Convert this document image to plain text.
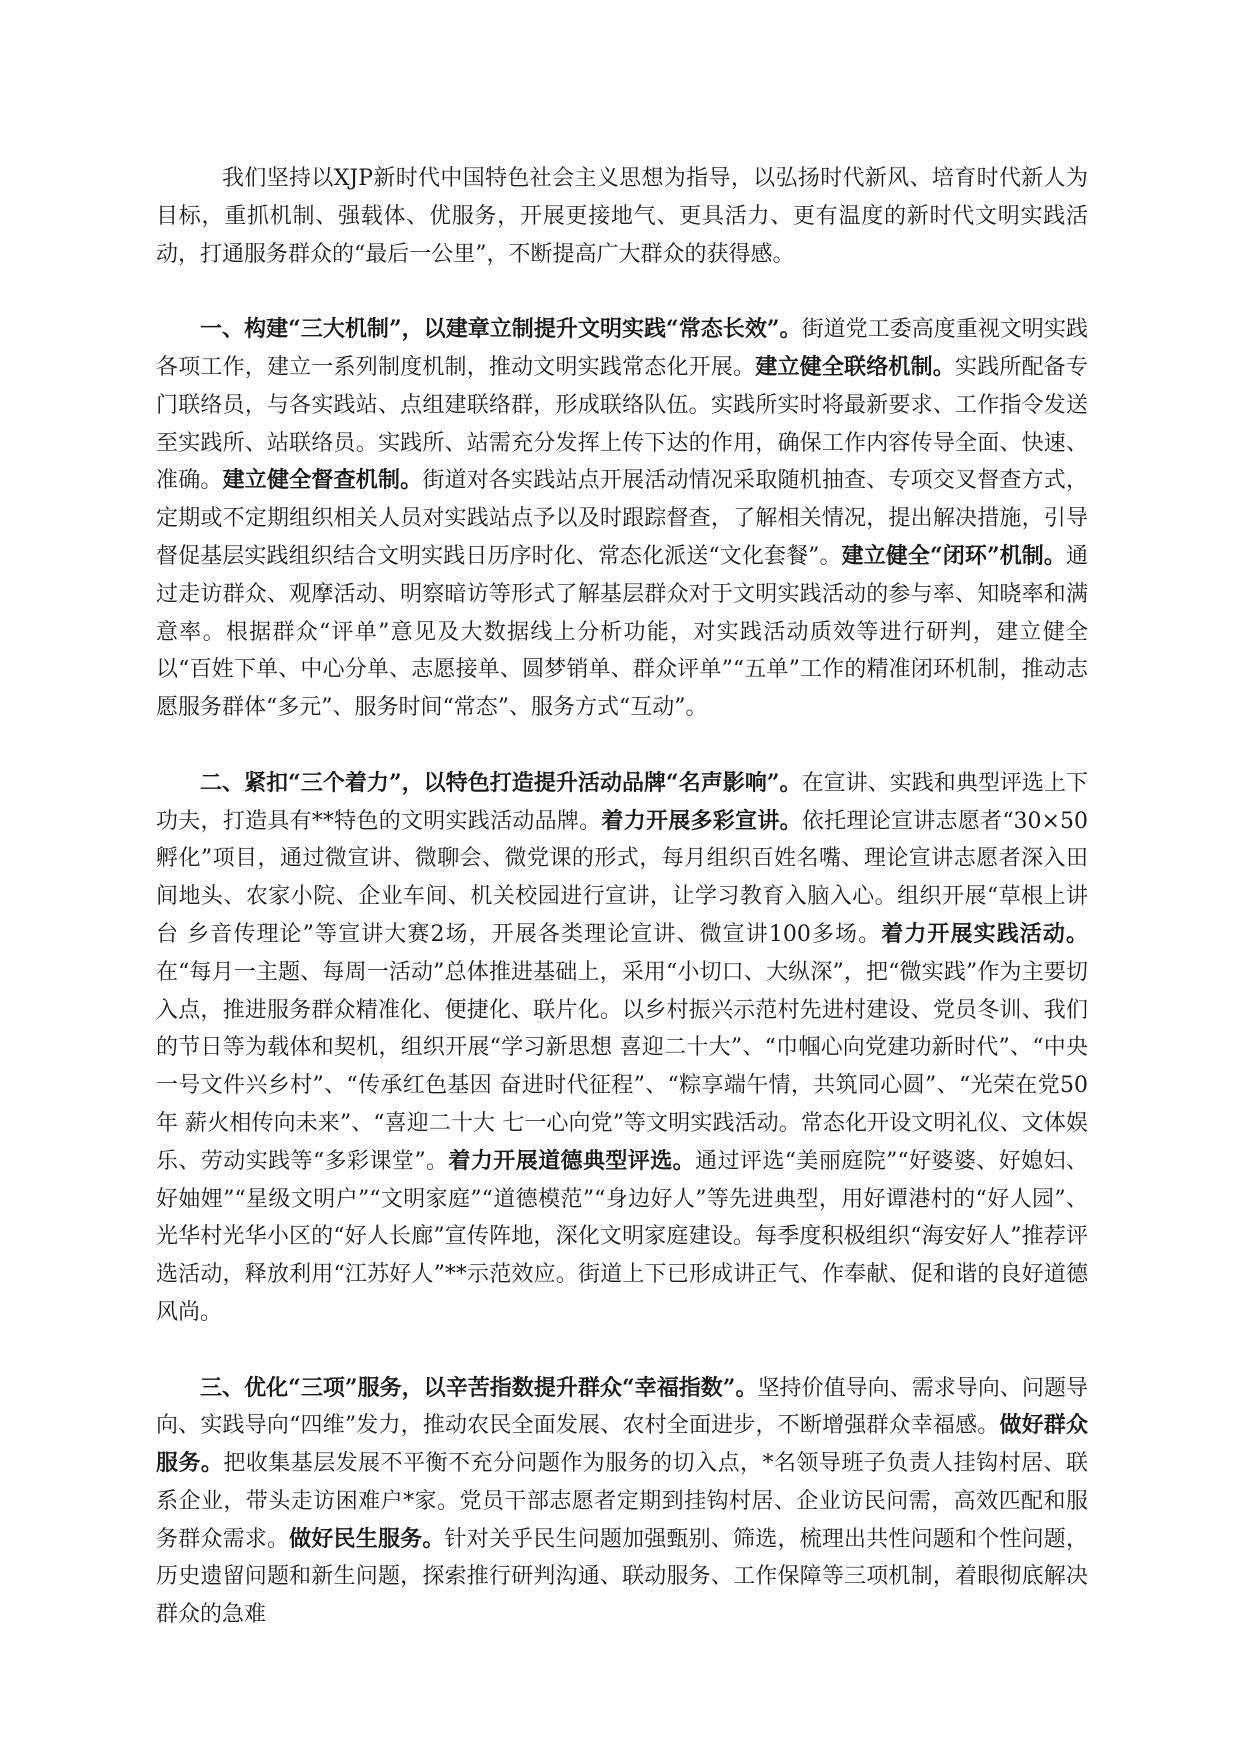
我们坚持以XJP新时代中国特色社会主义思想为指导，以弘扬时代新风、培育时代新人为目标，重抓机制、强载体、优服务，开展更接地气、更具活力、更有温度的新时代文明实践活动，打通服务群众的“最后一公里”，不断提高广大群众的获得感。

一、构建“三大机制”，以建章立制提升文明实践“常态长效”。街道党工委高度重视文明实践各项工作，建立一系列制度机制，推动文明实践常态化开展。建立健全联络机制。实践所配备专门联络员，与各实践站、点组建联络群，形成联络队伍。实践所实时将最新要求、工作指令发送至实践所、站联络员。实践所、站需充分发挥上传下达的作用，确保工作内容传导全面、快速、准确。建立健全督查机制。街道对各实践站点开展活动情况采取随机抽查、专项交叉督查方式，定期或不定期组织相关人员对实践站点予以及时跟踪督查，了解相关情况，提出解决措施，引导督促基层实践组织结合文明实践日历序时化、常态化派送“文化套餐”。建立健全“闭环”机制。通过走访群众、观摩活动、明察暗访等形式了解基层群众对于文明实践活动的参与率、知晓率和满意率。根据群众“评单”意见及大数据线上分析功能，对实践活动质效等进行研判，建立健全以“百姓下单、中心分单、志愿接单、圆梦销单、群众评单”“五单”工作的精准闭环机制，推动志愿服务群体“多元”、服务时间“常态”、服务方式“互动”。

二、紧扣“三个着力”，以特色打造提升活动品牌“名声影响”。在宣讲、实践和典型评选上下功夫，打造具有**特色的文明实践活动品牌。着力开展多彩宣讲。依托理论宣讲志愿者“30×50孵化”项目，通过微宣讲、微聊会、微党课的形式，每月组织百姓名嘴、理论宣讲志愿者深入田间地头、农家小院、企业车间、机关校园进行宣讲，让学习教育入脑入心。组织开展“草根上讲台 乡音传理论”等宣讲大赛2场，开展各类理论宣讲、微宣讲100多场。着力开展实践活动。在“每月一主题、每周一活动”总体推进基础上，采用“小切口、大纵深”，把“微实践”作为主要切入点，推进服务群众精准化、便捷化、联片化。以乡村振兴示范村先进村建设、党员冬训、我们的节日等为载体和契机，组织开展“学习新思想 喜迎二十大”、“巾帼心向党建功新时代”、“中央一号文件兴乡村”、“传承红色基因 奋进时代征程”、“粽享端午情，共筑同心圆”、“光荣在党50年 薪火相传向未来”、“喜迎二十大 七一心向党”等文明实践活动。常态化开设文明礼仪、文体娱乐、劳动实践等“多彩课堂”。着力开展道德典型评选。通过评选“美丽庭院”“好婆婆、好媳妇、好妯娌”“星级文明户”“文明家庭”“道德模范”“身边好人”等先进典型，用好谭港村的“好人园”、光华村光华小区的“好人长廊”宣传阵地，深化文明家庭建设。每季度积极组织“海安好人”推荐评选活动，释放利用“江苏好人”**示范效应。街道上下已形成讲正气、作奉献、促和谐的良好道德风尚。

三、优化“三项”服务，以辛苦指数提升群众“幸福指数”。坚持价值导向、需求导向、问题导向、实践导向“四维”发力，推动农民全面发展、农村全面进步，不断增强群众幸福感。做好群众服务。把收集基层发展不平衡不充分问题作为服务的切入点，*名领导班子负责人挂钩村居、联系企业，带头走访困难户*家。党员干部志愿者定期到挂钩村居、企业访民问需，高效匹配和服务群众需求。做好民生服务。针对关乎民生问题加强甄别、筛选，梳理出共性问题和个性问题，历史遗留问题和新生问题，探索推行研判沟通、联动服务、工作保障等三项机制，着眼彻底解决群众的急难
